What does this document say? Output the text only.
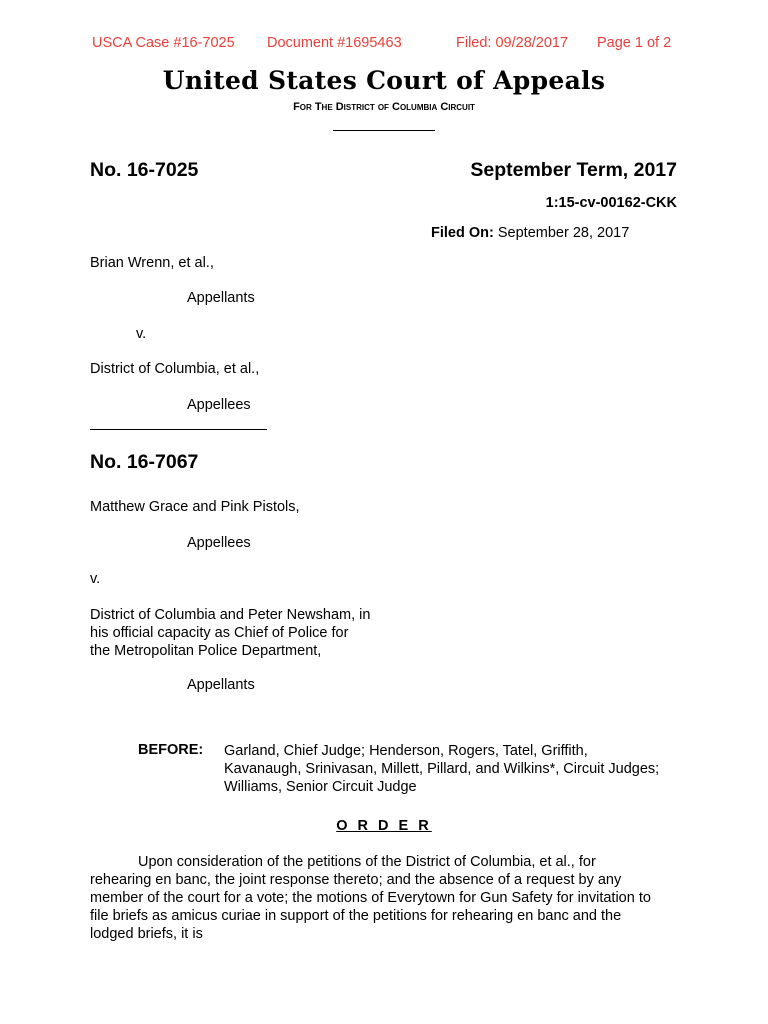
USCA Case #16-7025 Document #1695463	Filed: 09/28/2017 Page 1 of 2
United States Court of Appeals
For The District of Columbia Circuit
No. 16-7025	September Term, 2017
1:15-cv-00162-CKK
Filed On: September 28, 2017
Brian Wrenn, et al.,
Appellants
v.
District of Columbia, et al.,
Appellees
No. 16-7067
Matthew Grace and Pink Pistols,
Appellees
v.
District of Columbia and Peter Newsham, in
his official capacity as Chief of Police for
the Metropolitan Police Department,
Appellants
BEFORE: Garland, Chief Judge; Henderson, Rogers, Tatel, Griffith,
Kavanaugh, Srinivasan, Millett, Pillard, and Wilkins*, Circuit Judges;
Williams, Senior Circuit Judge
O R D E R
Upon consideration of the petitions of the District of Columbia, et al., for
rehearing en banc, the joint response thereto; and the absence of a request by any
member of the court for a vote; the motions of Everytown for Gun Safety for invitation to
file briefs as amicus curiae in support of the petitions for rehearing en banc and the
lodged briefs, it is
